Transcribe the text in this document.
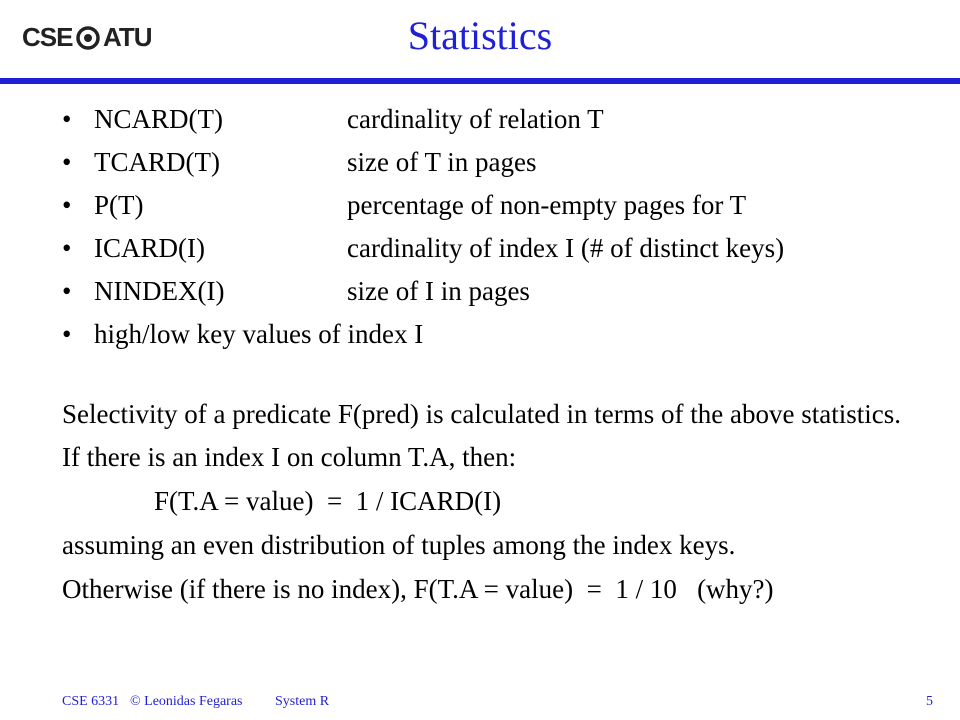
CSE UTA	Statistics
• NCARD(T)	cardinality of relation T
• TCARD(T)	size of T in pages
• P(T)	percentage of non-empty pages for T
• ICARD(I)	cardinality of index I (# of distinct keys)
• NINDEX(I)	size of I in pages
• high/low key values of index I

Selectivity of a predicate F(pred) is calculated in terms of the above statistics.

If there is an index I on column T.A, then:

F(T.A = value)  =  1 / ICARD(I)

assuming an even distribution of tuples among the index keys.

Otherwise (if there is no index), F(T.A = value)  =  1 / 10   (why?)

CSE 6331 © Leonidas Fegaras System R	5
